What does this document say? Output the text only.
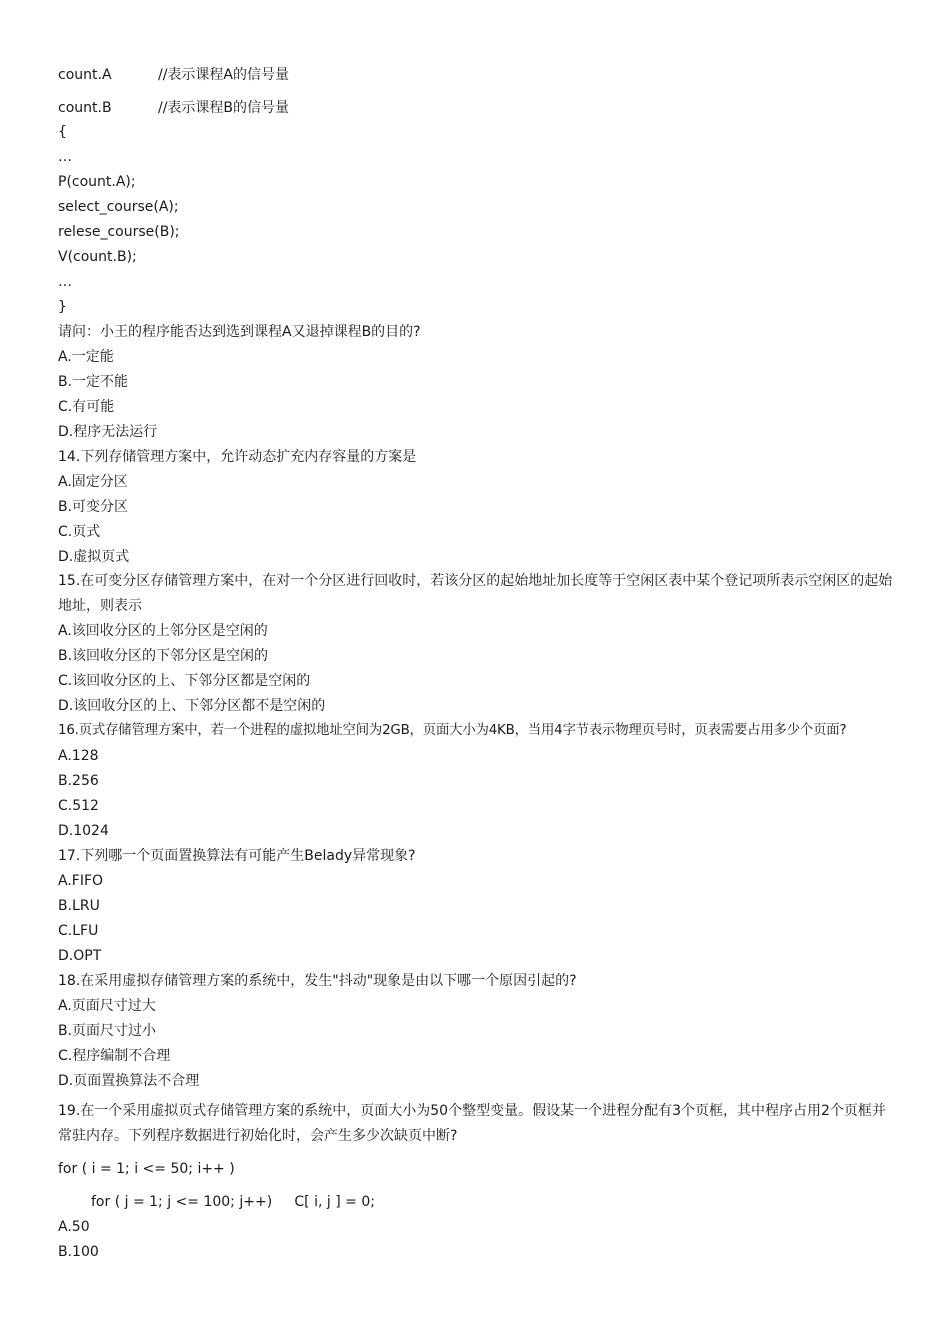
count.A	//表示课程A的信号量
count.B	//表示课程B的信号量
{
…
P(count.A);
select_course(A);
relese_course(B);
V(count.B);
…
}
请问：小王的程序能否达到选到课程A又退掉课程B的目的?
A.一定能
B.一定不能
C.有可能
D.程序无法运行
14.下列存储管理方案中，允许动态扩充内存容量的方案是
A.固定分区
B.可变分区
C.页式
D.虚拟页式
15.在可变分区存储管理方案中，在对一个分区进行回收时，若该分区的起始地址加长度等于空闲区表中某个登记项所表示空闲区的起始地址，则表示
A.该回收分区的上邻分区是空闲的
B.该回收分区的下邻分区是空闲的
C.该回收分区的上、下邻分区都是空闲的
D.该回收分区的上、下邻分区都不是空闲的
16.页式存储管理方案中，若一个进程的虚拟地址空间为2GB，页面大小为4KB，当用4字节表示物理页号时，页表需要占用多少个页面?
A.128
B.256
C.512
D.1024
17.下列哪一个页面置换算法有可能产生Belady异常现象?
A.FIFO
B.LRU
C.LFU
D.OPT
18.在采用虚拟存储管理方案的系统中，发生"抖动"现象是由以下哪一个原因引起的?
A.页面尺寸过大
B.页面尺寸过小
C.程序编制不合理
D.页面置换算法不合理
19.在一个采用虚拟页式存储管理方案的系统中，页面大小为50个整型变量。假设某一个进程分配有3个页框，其中程序占用2个页框并常驻内存。下列程序数据进行初始化时，会产生多少次缺页中断?
for ( i = 1; i <= 50; i++ )
for ( j = 1; j <= 100; j++)     C[ i, j ] = 0;
A.50
B.100
